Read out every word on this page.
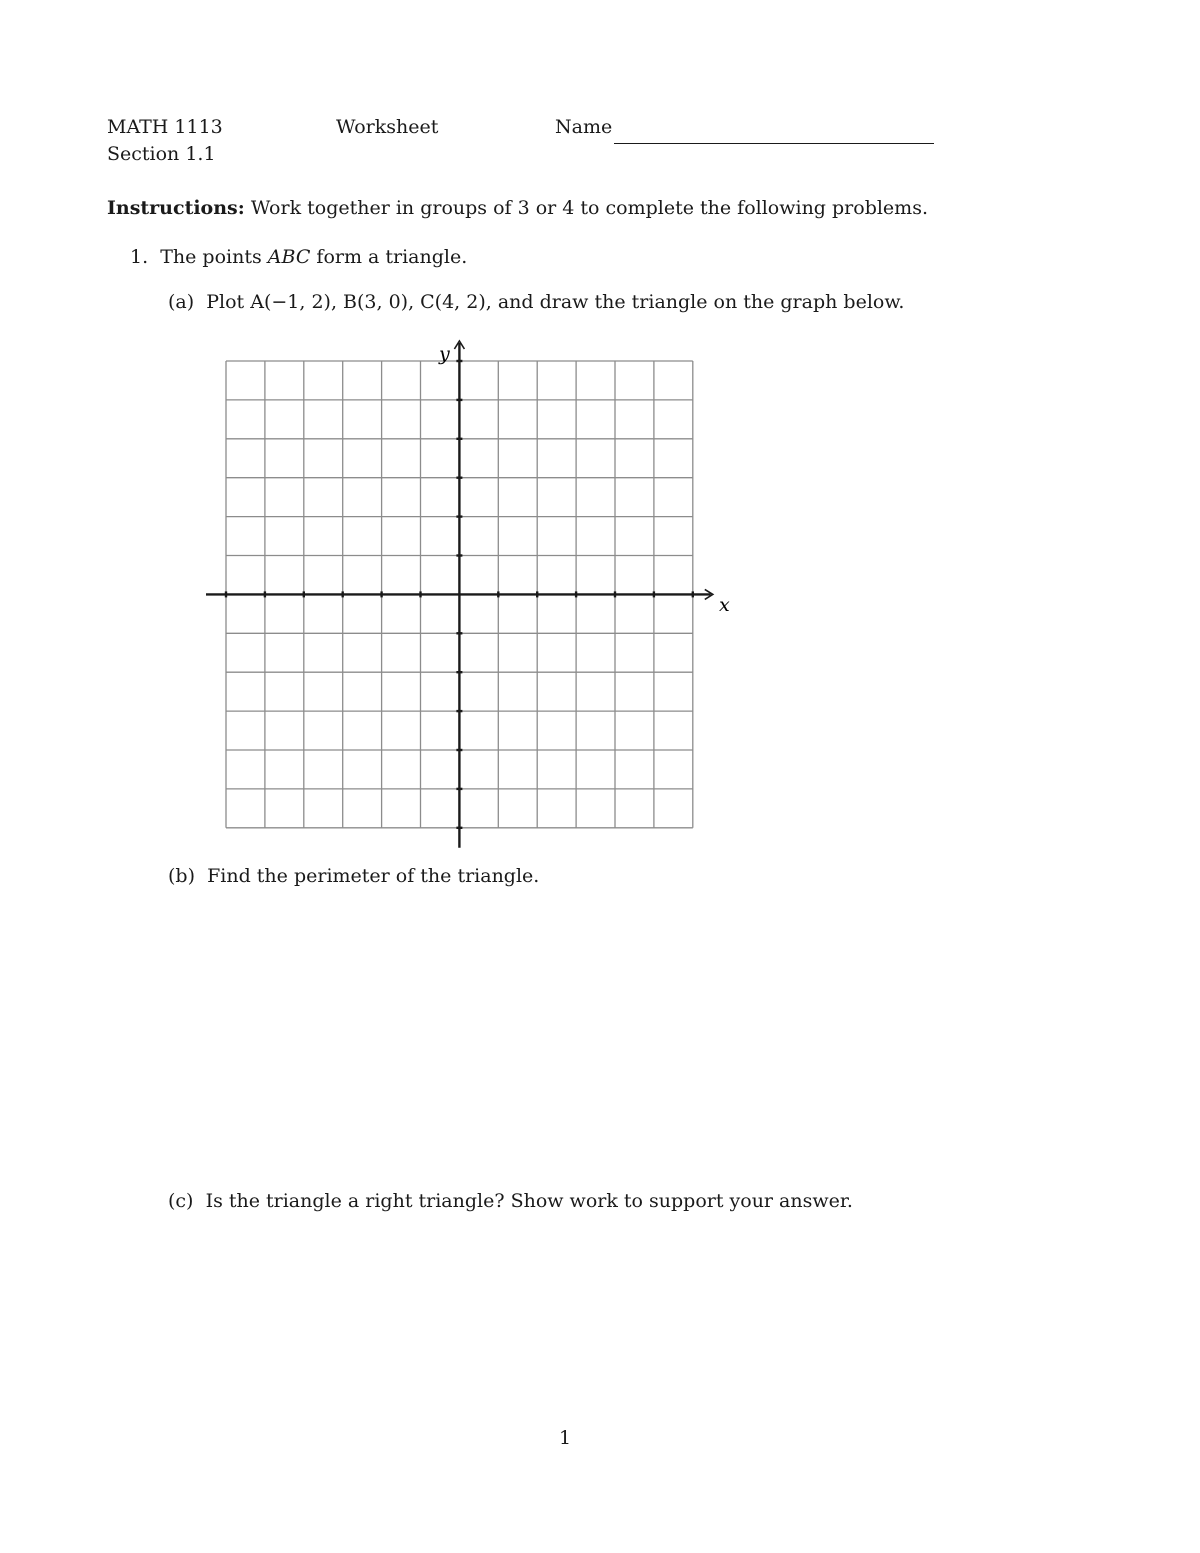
MATH 1113	Worksheet	Name
Section 1.1
Instructions: Work together in groups of 3 or 4 to complete the following problems.
1. The points ABC form a triangle.
(a) Plot A(−1, 2), B(3, 0), C(4, 2), and draw the triangle on the graph below.
y
x
(b) Find the perimeter of the triangle.
(c) Is the triangle a right triangle? Show work to support your answer.
1
